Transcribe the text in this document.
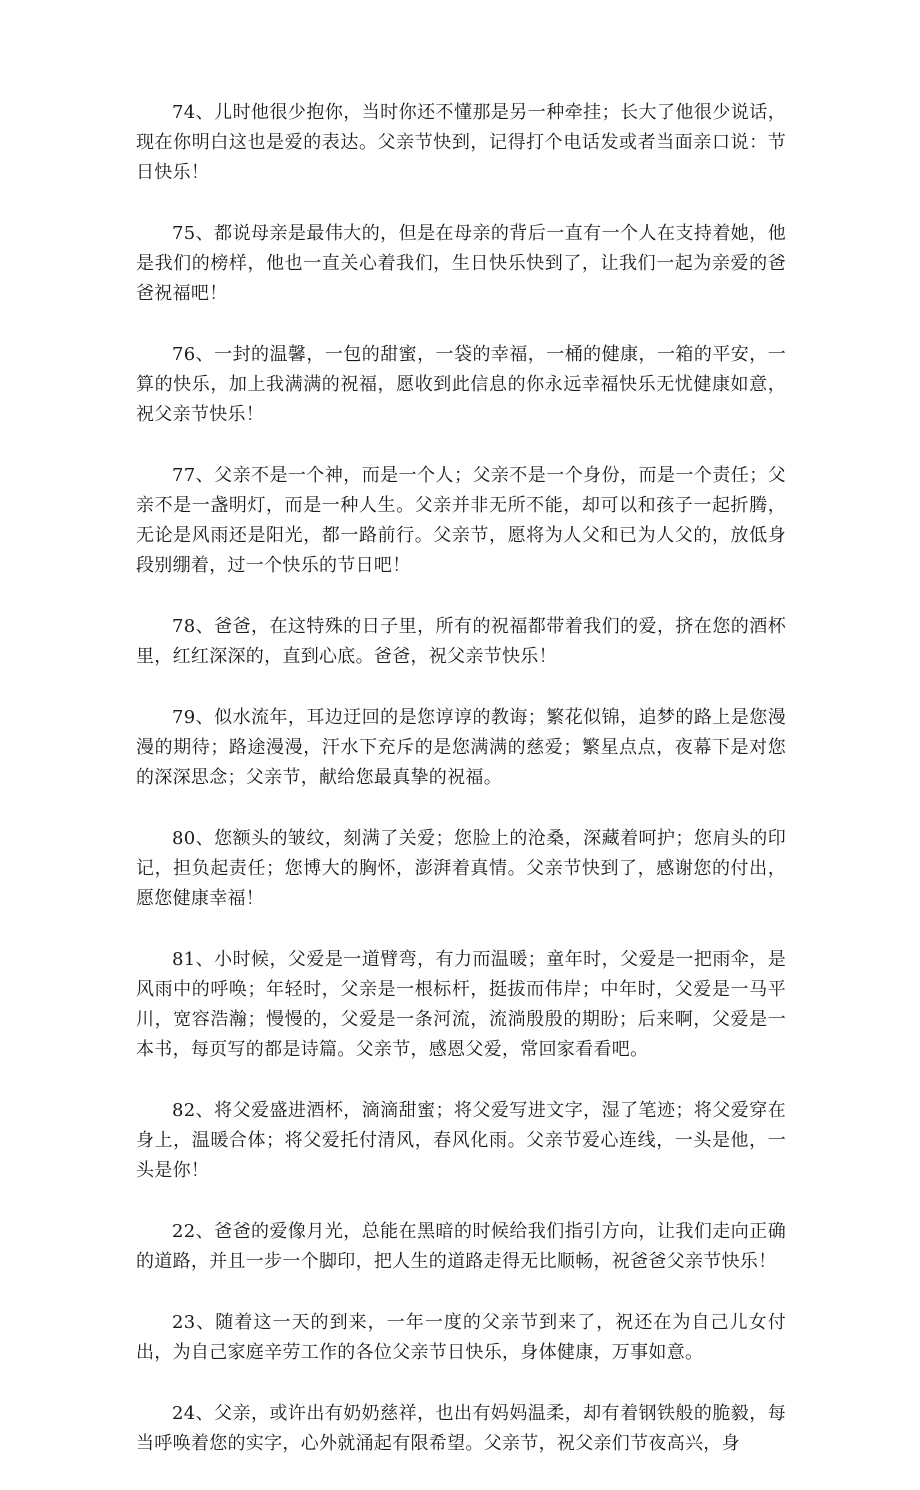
74、儿时他很少抱你，当时你还不懂那是另一种牵挂；长大了他很少说话，现在你明白这也是爱的表达。父亲节快到，记得打个电话发或者当面亲口说：节日快乐！

75、都说母亲是最伟大的，但是在母亲的背后一直有一个人在支持着她，他是我们的榜样，他也一直关心着我们，生日快乐快到了，让我们一起为亲爱的爸爸祝福吧！

76、一封的温馨，一包的甜蜜，一袋的幸福，一桶的健康，一箱的平安，一算的快乐，加上我满满的祝福，愿收到此信息的你永远幸福快乐无忧健康如意，祝父亲节快乐！

77、父亲不是一个神，而是一个人；父亲不是一个身份，而是一个责任；父亲不是一盏明灯，而是一种人生。父亲并非无所不能，却可以和孩子一起折腾，无论是风雨还是阳光，都一路前行。父亲节，愿将为人父和已为人父的，放低身段别绷着，过一个快乐的节日吧！

78、爸爸，在这特殊的日子里，所有的祝福都带着我们的爱，挤在您的酒杯里，红红深深的，直到心底。爸爸，祝父亲节快乐！

79、似水流年，耳边迂回的是您谆谆的教诲；繁花似锦，追梦的路上是您漫漫的期待；路途漫漫，汗水下充斥的是您满满的慈爱；繁星点点，夜幕下是对您的深深思念；父亲节，献给您最真挚的祝福。

80、您额头的皱纹，刻满了关爱；您脸上的沧桑，深藏着呵护；您肩头的印记，担负起责任；您博大的胸怀，澎湃着真情。父亲节快到了，感谢您的付出，愿您健康幸福！

81、小时候，父爱是一道臂弯，有力而温暖；童年时，父爱是一把雨伞，是风雨中的呼唤；年轻时，父亲是一根标杆，挺拔而伟岸；中年时，父爱是一马平川，宽容浩瀚；慢慢的，父爱是一条河流，流淌殷殷的期盼；后来啊，父爱是一本书，每页写的都是诗篇。父亲节，感恩父爱，常回家看看吧。

82、将父爱盛进酒杯，滴滴甜蜜；将父爱写进文字，湿了笔迹；将父爱穿在身上，温暖合体；将父爱托付清风，春风化雨。父亲节爱心连线，一头是他，一头是你！

22、爸爸的爱像月光，总能在黑暗的时候给我们指引方向，让我们走向正确的道路，并且一步一个脚印，把人生的道路走得无比顺畅，祝爸爸父亲节快乐！

23、随着这一天的到来，一年一度的父亲节到来了，祝还在为自己儿女付出，为自己家庭辛劳工作的各位父亲节日快乐，身体健康，万事如意。

24、父亲，或许出有奶奶慈祥，也出有妈妈温柔，却有着钢铁般的脆毅，每当呼唤着您的实字，心外就涌起有限希望。父亲节，祝父亲们节夜高兴，身
